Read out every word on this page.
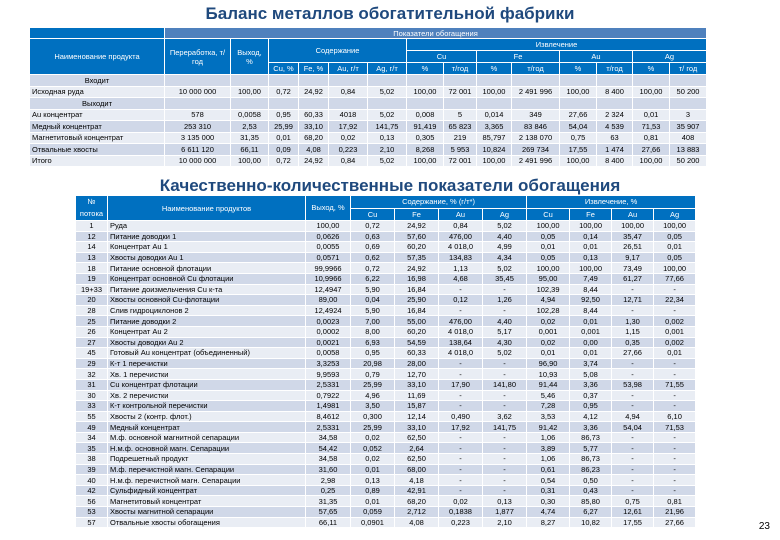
Баланс металлов обогатительной фабрики
	Показатели обогащения													
Наименование продукта	Переработка, т/год	Выход, %	Содержание				Извлечение							
							Cu		Fe		Au		Ag	
			Cu, %	Fe, %	Au, г/т	Ag, г/т	%	т/год	%	т/год	%	т/год	%	т/ год
Входит														
Исходная руда	10 000 000	100,00	0,72	24,92	0,84	5,02	100,00	72 001	100,00	2 491 996	100,00	8 400	100,00	50 200
Выходит														
Au концентрат	578	0,0058	0,95	60,33	4018	5,02	0,008	5	0,014	349	27,66	2 324	0,01	3
Медный концентрат	253 310	2,53	25,99	33,10	17,92	141,75	91,419	65 823	3,365	83 846	54,04	4 539	71,53	35 907
Магнетитовый концентрат	3 135 000	31,35	0,01	68,20	0,02	0,13	0,305	219	85,797	2 138 070	0,75	63	0,81	408
Отвальные хвосты	6 611 120	66,11	0,09	4,08	0,223	2,10	8,268	5 953	10,824	269 734	17,55	1 474	27,66	13 883
Итого	10 000 000	100,00	0,72	24,92	0,84	5,02	100,00	72 001	100,00	2 491 996	100,00	8 400	100,00	50 200
Качественно-количественные показатели обогащения
№ потока	Наименование продуктов	Выход, %	Содержание, % (г/т*)				Извлечение, %			
			Cu	Fe	Au	Ag	Cu	Fe	Au	Ag
1	Руда	100,00	0,72	24,92	0,84	5,02	100,00	100,00	100,00	100,00
12	Питание доводки 1	0,0626	0,63	57,60	476,00	4,40	0,05	0,14	35,47	0,05
14	Концентрат Au 1	0,0055	0,69	60,20	4 018,0	4,99	0,01	0,01	26,51	0,01
13	Хвосты доводки Au 1	0,0571	0,62	57,35	134,83	4,34	0,05	0,13	9,17	0,05
18	Питание основной флотации	99,9966	0,72	24,92	1,13	5,02	100,00	100,00	73,49	100,00
19	Концентрат основной Cu флотации	10,9966	6,22	16,98	4,68	35,45	95,00	7,49	61,27	77,66
19+33	Питание доизмельчения Cu к-та	12,4947	5,90	16,84	-	-	102,39	8,44	-	-
20	Хвосты основной Cu-флотации	89,00	0,04	25,90	0,12	1,26	4,94	92,50	12,71	22,34
28	Слив гидроциклонов 2	12,4924	5,90	16,84	-	-	102,28	8,44	-	-
25	Питание доводки 2	0,0023	7,00	55,00	476,00	4,40	0,02	0,01	1,30	0,002
26	Концентрат Au 2	0,0002	8,00	60,20	4 018,0	5,17	0,001	0,001	1,15	0,001
27	Хвосты доводки Au 2	0,0021	6,93	54,59	138,64	4,30	0,02	0,00	0,35	0,002
45	Готовый Au концентрат (объединенный)	0,0058	0,95	60,33	4 018,0	5,02	0,01	0,01	27,66	0,01
29	К-т 1 перечистки	3,3253	20,98	28,00	-	-	96,90	3,74	-	-
32	Хв. 1 перечистки	9,9593	0,79	12,70	-	-	10,93	5,08	-	-
31	Cu концентрат флотации	2,5331	25,99	33,10	17,90	141,80	91,44	3,36	53,98	71,55
30	Хв. 2 перечистки	0,7922	4,96	11,69	-	-	5,46	0,37	-	-
33	К-т контрольной перечистки	1,4981	3,50	15,87	-	-	7,28	0,95	-	-
55	Хвосты 2 (контр. флот.)	8,4612	0,300	12,14	0,490	3,62	3,53	4,12	4,94	6,10
49	Медный концентрат	2,5331	25,99	33,10	17,92	141,75	91,42	3,36	54,04	71,53
34	М.ф. основной магнитной сепарации	34,58	0,02	62,50	-	-	1,06	86,73	-	-
35	Н.м.ф. основной магн. Сепарации	54,42	0,052	2,64	-	-	3,89	5,77	-	-
38	Подрешетный продукт	34,58	0,02	62,50	-	-	1,06	86,73	-	-
39	М.ф. перечистной магн. Сепарации	31,60	0,01	68,00	-	-	0,61	86,23	-	-
40	Н.м.ф. перечистной магн. Сепарации	2,98	0,13	4,18	-	-	0,54	0,50	-	-
42	Сульфидный концентрат	0,25	0,89	42,91	-	-	0,31	0,43	-	-
56	Магнетитовый концентрат	31,35	0,01	68,20	0,02	0,13	0,30	85,80	0,75	0,81
53	Хвосты магнитной сепарации	57,65	0,059	2,712	0,1838	1,877	4,74	6,27	12,61	21,96
57	Отвальные хвосты обогащения	66,11	0,0901	4,08	0,223	2,10	8,27	10,82	17,55	27,66	23
